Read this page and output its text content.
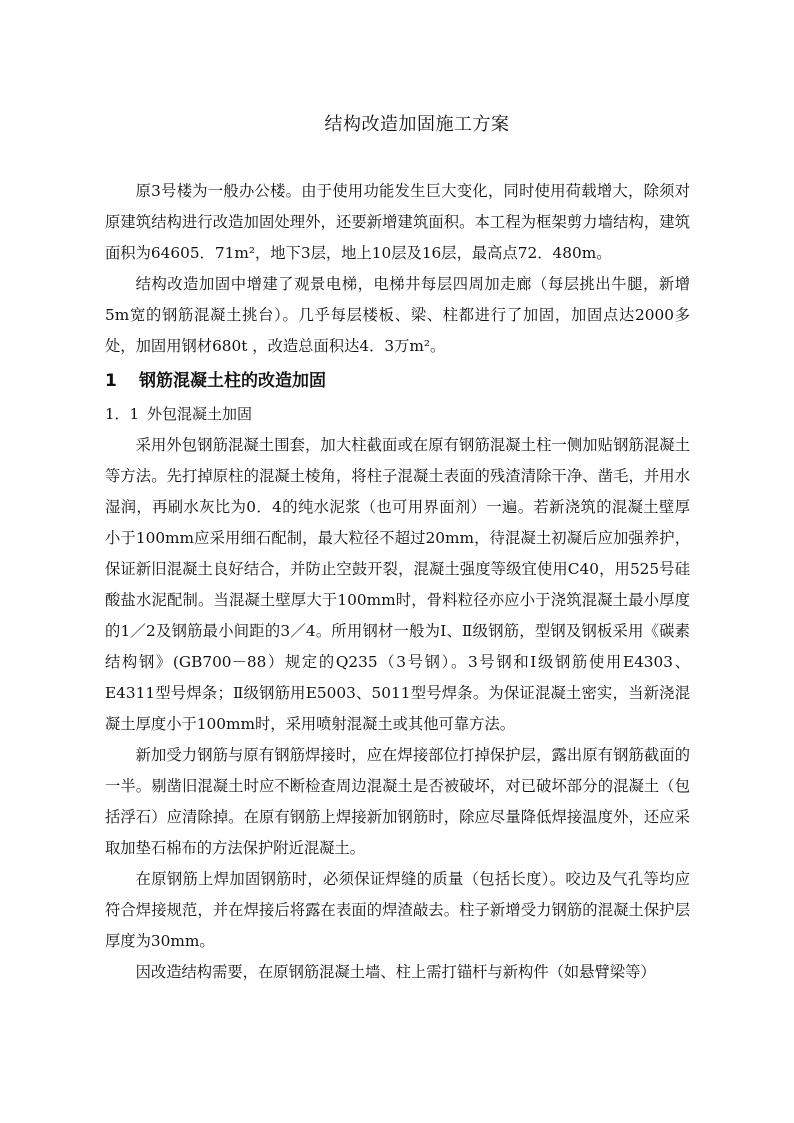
结构改造加固施工方案

原3号楼为一般办公楼。由于使用功能发生巨大变化，同时使用荷载增大，除须对原建筑结构进行改造加固处理外，还要新增建筑面积。本工程为框架剪力墙结构，建筑面积为64605．71m²，地下3层，地上10层及16层，最高点72．480m。

结构改造加固中增建了观景电梯，电梯井每层四周加走廊（每层挑出牛腿，新增5m宽的钢筋混凝土挑台）。几乎每层楼板、梁、柱都进行了加固，加固点达2000多处，加固用钢材680t ，改造总面积达4．3万m²。

1 钢筋混凝土柱的改造加固
1．1 外包混凝土加固

采用外包钢筋混凝土围套，加大柱截面或在原有钢筋混凝土柱一侧加贴钢筋混凝土等方法。先打掉原柱的混凝土棱角，将柱子混凝土表面的残渣清除干净、凿毛，并用水湿润，再刷水灰比为0．4的纯水泥浆（也可用界面剂）一遍。若新浇筑的混凝土壁厚小于100mm应采用细石配制，最大粒径不超过20mm，待混凝土初凝后应加强养护，保证新旧混凝土良好结合，并防止空鼓开裂，混凝土强度等级宜使用C40，用525号硅酸盐水泥配制。当混凝土壁厚大于100mm时，骨料粒径亦应小于浇筑混凝土最小厚度的1／2及钢筋最小间距的3／4。所用钢材一般为Ⅰ、Ⅱ级钢筋，型钢及钢板采用《碳素结构钢》(GB700－88）规定的Q235（3号钢）。3号钢和Ⅰ级钢筋使用E4303、E4311型号焊条；Ⅱ级钢筋用E5003、5011型号焊条。为保证混凝土密实，当新浇混凝土厚度小于100mm时，采用喷射混凝土或其他可靠方法。

新加受力钢筋与原有钢筋焊接时，应在焊接部位打掉保护层，露出原有钢筋截面的一半。剔凿旧混凝土时应不断检查周边混凝土是否被破坏，对已破坏部分的混凝土（包括浮石）应清除掉。在原有钢筋上焊接新加钢筋时，除应尽量降低焊接温度外，还应采取加垫石棉布的方法保护附近混凝土。

在原钢筋上焊加固钢筋时，必须保证焊缝的质量（包括长度）。咬边及气孔等均应符合焊接规范，并在焊接后将露在表面的焊渣敲去。柱子新增受力钢筋的混凝土保护层厚度为30mm。

因改造结构需要，在原钢筋混凝土墙、柱上需打锚杆与新构件（如悬臂梁等）
